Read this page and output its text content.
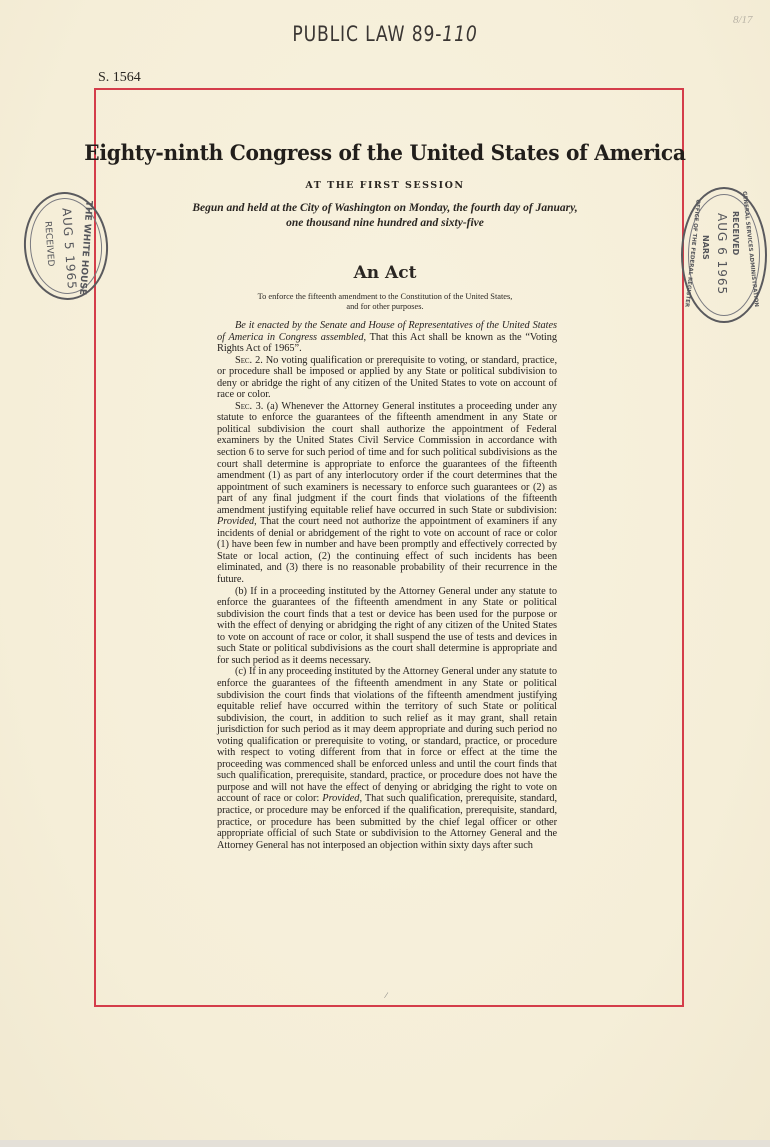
PUBLIC LAW 89-110
8/17
S. 1564
Eighty-ninth Congress of the United States of America
AT THE FIRST SESSION
Begun and held at the City of Washington on Monday, the fourth day of January,
one thousand nine hundred and sixty-five
An Act
To enforce the fifteenth amendment to the Constitution of the United States,
and for other purposes.

Be it enacted by the Senate and House of Representatives of the United States of America in Congress assembled, That this Act shall be known as the “Voting Rights Act of 1965”.

Sec. 2. No voting qualification or prerequisite to voting, or standard, practice, or procedure shall be imposed or applied by any State or political subdivision to deny or abridge the right of any citizen of the United States to vote on account of race or color.

Sec. 3. (a) Whenever the Attorney General institutes a proceeding under any statute to enforce the guarantees of the fifteenth amendment in any State or political subdivision the court shall authorize the appointment of Federal examiners by the United States Civil Service Commission in accordance with section 6 to serve for such period of time and for such political subdivisions as the court shall determine is appropriate to enforce the guarantees of the fifteenth amendment (1) as part of any interlocutory order if the court determines that the appointment of such examiners is necessary to enforce such guarantees or (2) as part of any final judgment if the court finds that violations of the fifteenth amendment justifying equitable relief have occurred in such State or subdivision: Provided, That the court need not authorize the appointment of examiners if any incidents of denial or abridgement of the right to vote on account of race or color (1) have been few in number and have been promptly and effectively corrected by State or local action, (2) the continuing effect of such incidents has been eliminated, and (3) there is no reasonable probability of their recurrence in the future.

(b) If in a proceeding instituted by the Attorney General under any statute to enforce the guarantees of the fifteenth amendment in any State or political subdivision the court finds that a test or device has been used for the purpose or with the effect of denying or abridging the right of any citizen of the United States to vote on account of race or color, it shall suspend the use of tests and devices in such State or political subdivisions as the court shall determine is appropriate and for such period as it deems necessary.

(c) If in any proceeding instituted by the Attorney General under any statute to enforce the guarantees of the fifteenth amendment in any State or political subdivision the court finds that violations of the fifteenth amendment justifying equitable relief have occurred within the territory of such State or political subdivision, the court, in addition to such relief as it may grant, shall retain jurisdiction for such period as it may deem appropriate and during such period no voting qualification or prerequisite to voting, or standard, practice, or procedure with respect to voting different from that in force or effect at the time the proceeding was commenced shall be enforced unless and until the court finds that such qualification, prerequisite, standard, practice, or procedure does not have the purpose and will not have the effect of denying or abridging the right to vote on account of race or color: Provided, That such qualification, prerequisite, standard, practice, or procedure may be enforced if the qualification, prerequisite, standard, practice, or procedure has been submitted by the chief legal officer or other appropriate official of such State or subdivision to the Attorney General and the Attorney General has not interposed an objection within sixty days after such

THE WHITE HOUSE
AUG 5 1965
RECEIVED	GENERAL SERVICES ADMINISTRATION
RECEIVED
AUG 6 1965
NARS
OFFICE OF THE FEDERAL REGISTER
/
